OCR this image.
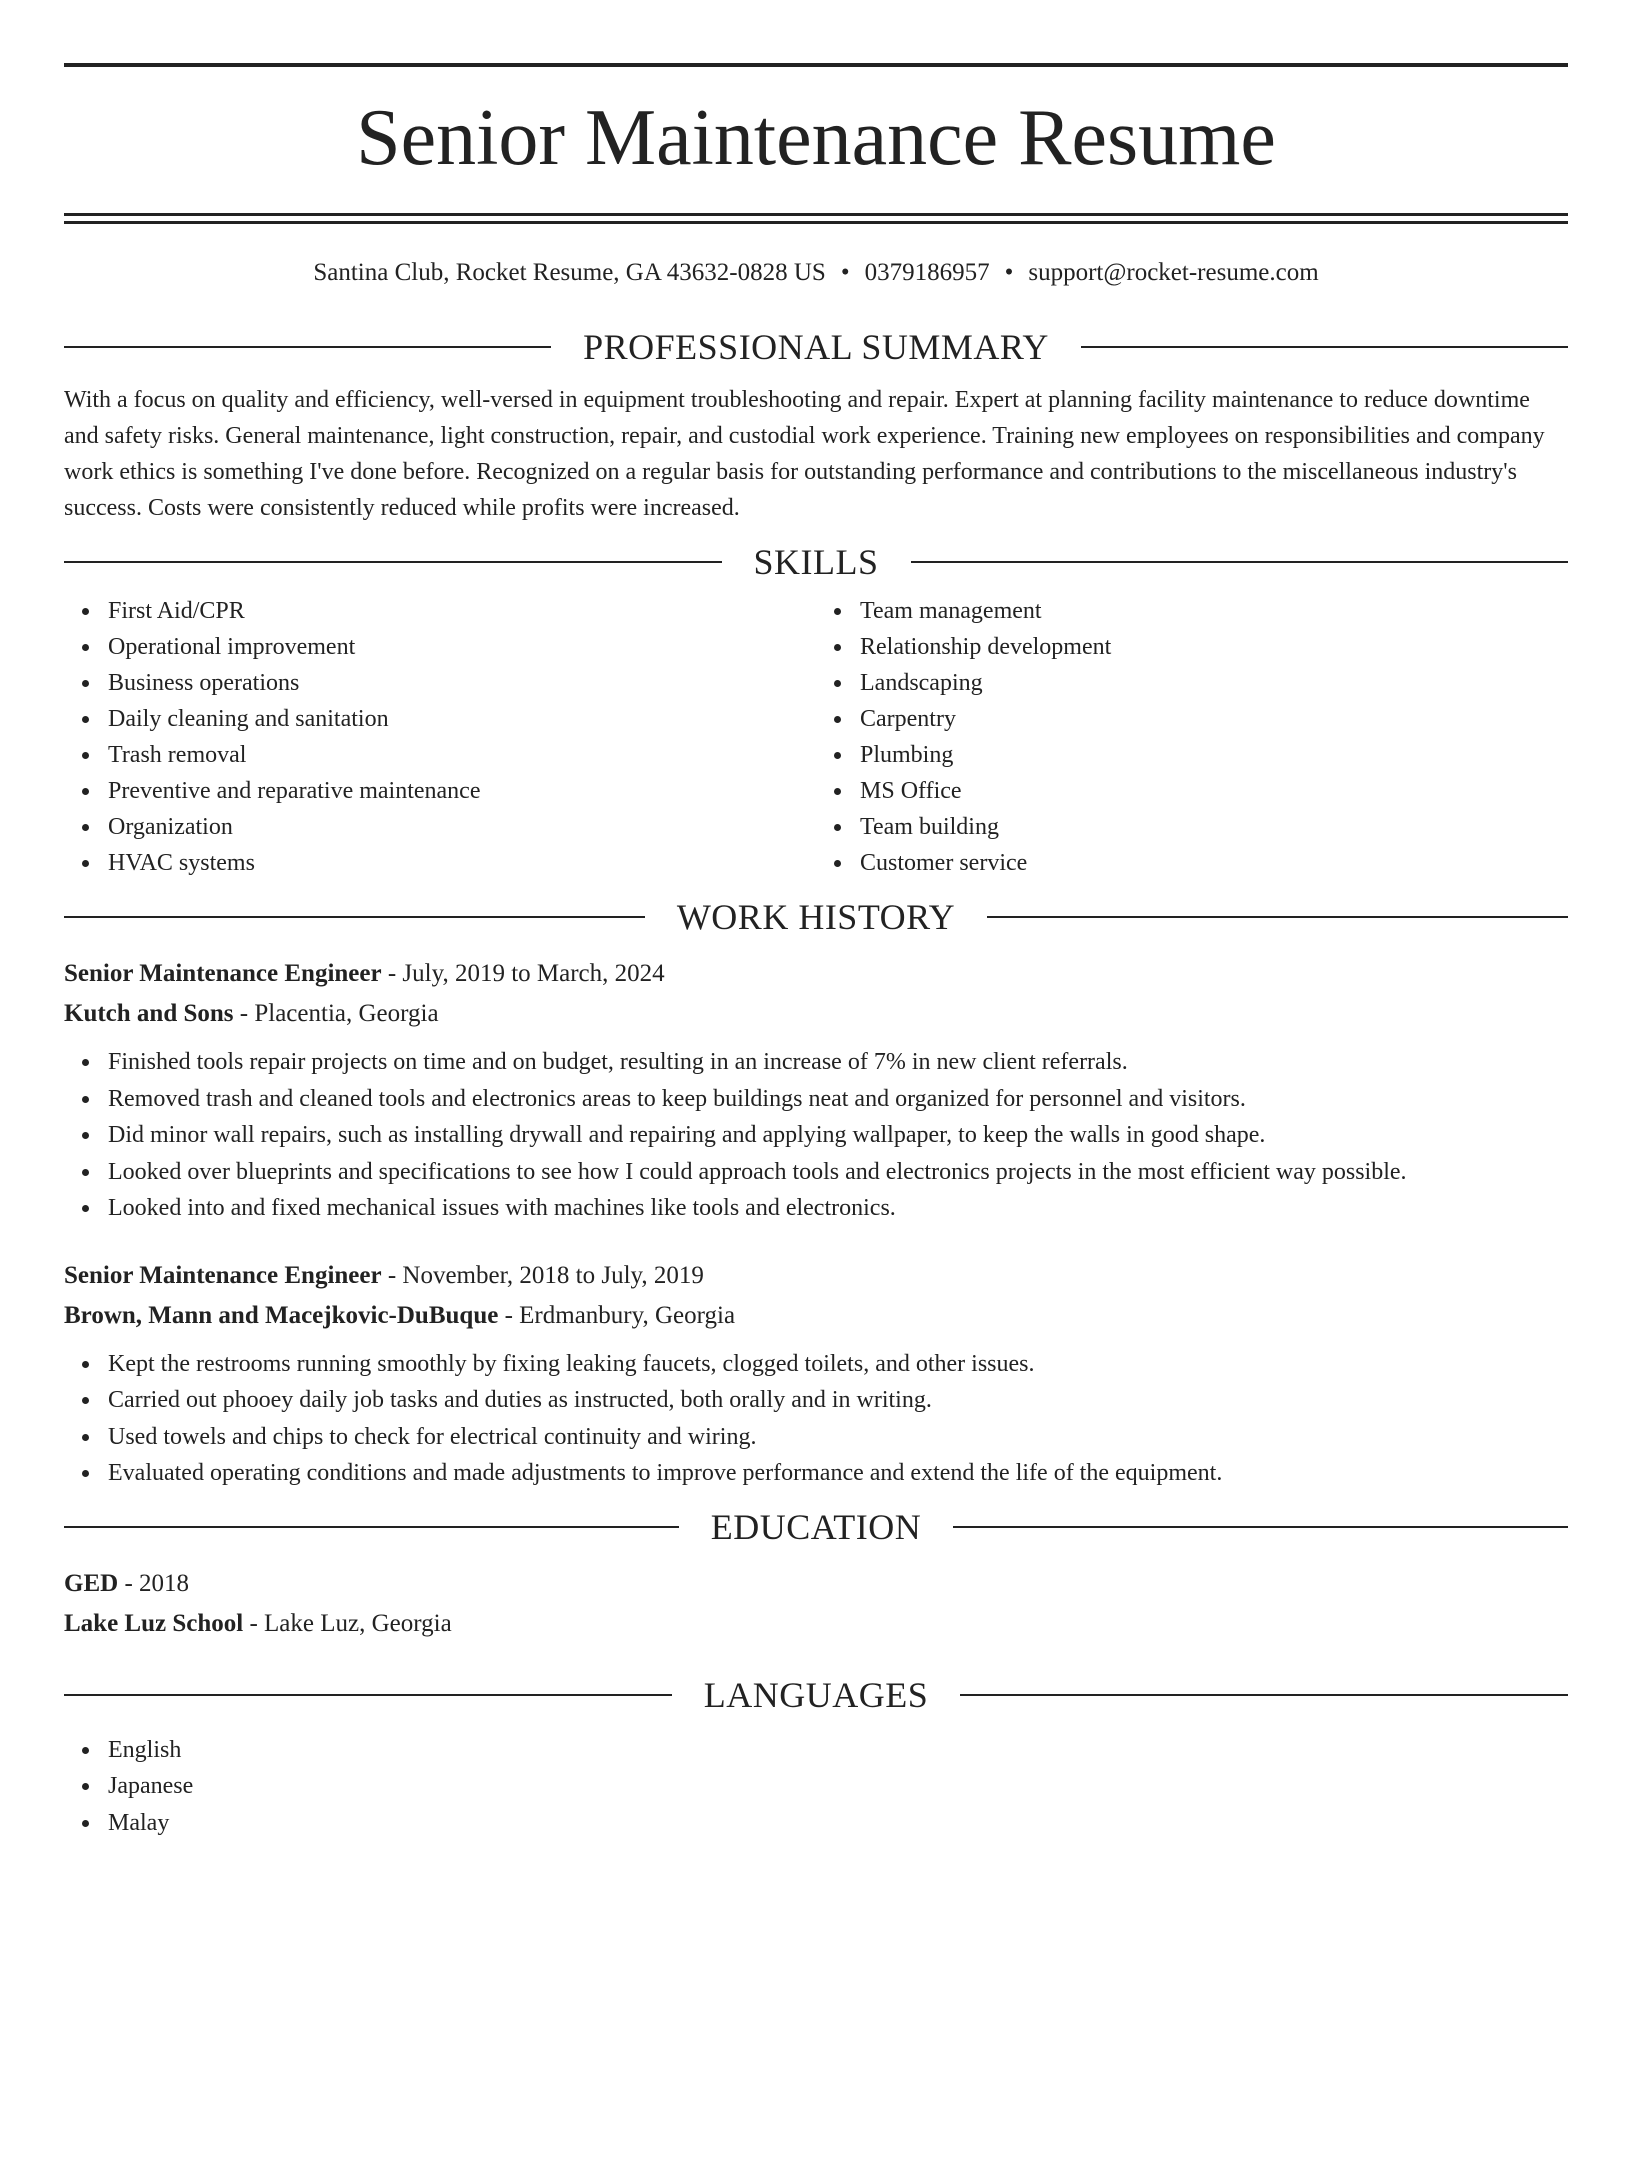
Senior Maintenance Resume
Santina Club, Rocket Resume, GA 43632-0828 US • 0379186957 • support@rocket-resume.com
PROFESSIONAL SUMMARY

With a focus on quality and efficiency, well-versed in equipment troubleshooting and repair. Expert at planning facility maintenance to reduce downtime and safety risks. General maintenance, light construction, repair, and custodial work experience. Training new employees on responsibilities and company work ethics is something I've done before. Recognized on a regular basis for outstanding performance and contributions to the miscellaneous industry's success. Costs were consistently reduced while profits were increased.

SKILLS
First Aid/CPR
Operational improvement
Business operations
Daily cleaning and sanitation
Trash removal
Preventive and reparative maintenance
Organization
HVAC systems
Team management
Relationship development
Landscaping
Carpentry
Plumbing
MS Office
Team building
Customer service
WORK HISTORY
Senior Maintenance Engineer - July, 2019 to March, 2024
Kutch and Sons - Placentia, Georgia
Finished tools repair projects on time and on budget, resulting in an increase of 7% in new client referrals.
Removed trash and cleaned tools and electronics areas to keep buildings neat and organized for personnel and visitors.
Did minor wall repairs, such as installing drywall and repairing and applying wallpaper, to keep the walls in good shape.
Looked over blueprints and specifications to see how I could approach tools and electronics projects in the most efficient way possible.
Looked into and fixed mechanical issues with machines like tools and electronics.
Senior Maintenance Engineer - November, 2018 to July, 2019
Brown, Mann and Macejkovic-DuBuque - Erdmanbury, Georgia
Kept the restrooms running smoothly by fixing leaking faucets, clogged toilets, and other issues.
Carried out phooey daily job tasks and duties as instructed, both orally and in writing.
Used towels and chips to check for electrical continuity and wiring.
Evaluated operating conditions and made adjustments to improve performance and extend the life of the equipment.
EDUCATION
GED - 2018
Lake Luz School - Lake Luz, Georgia
LANGUAGES
English
Japanese
Malay
